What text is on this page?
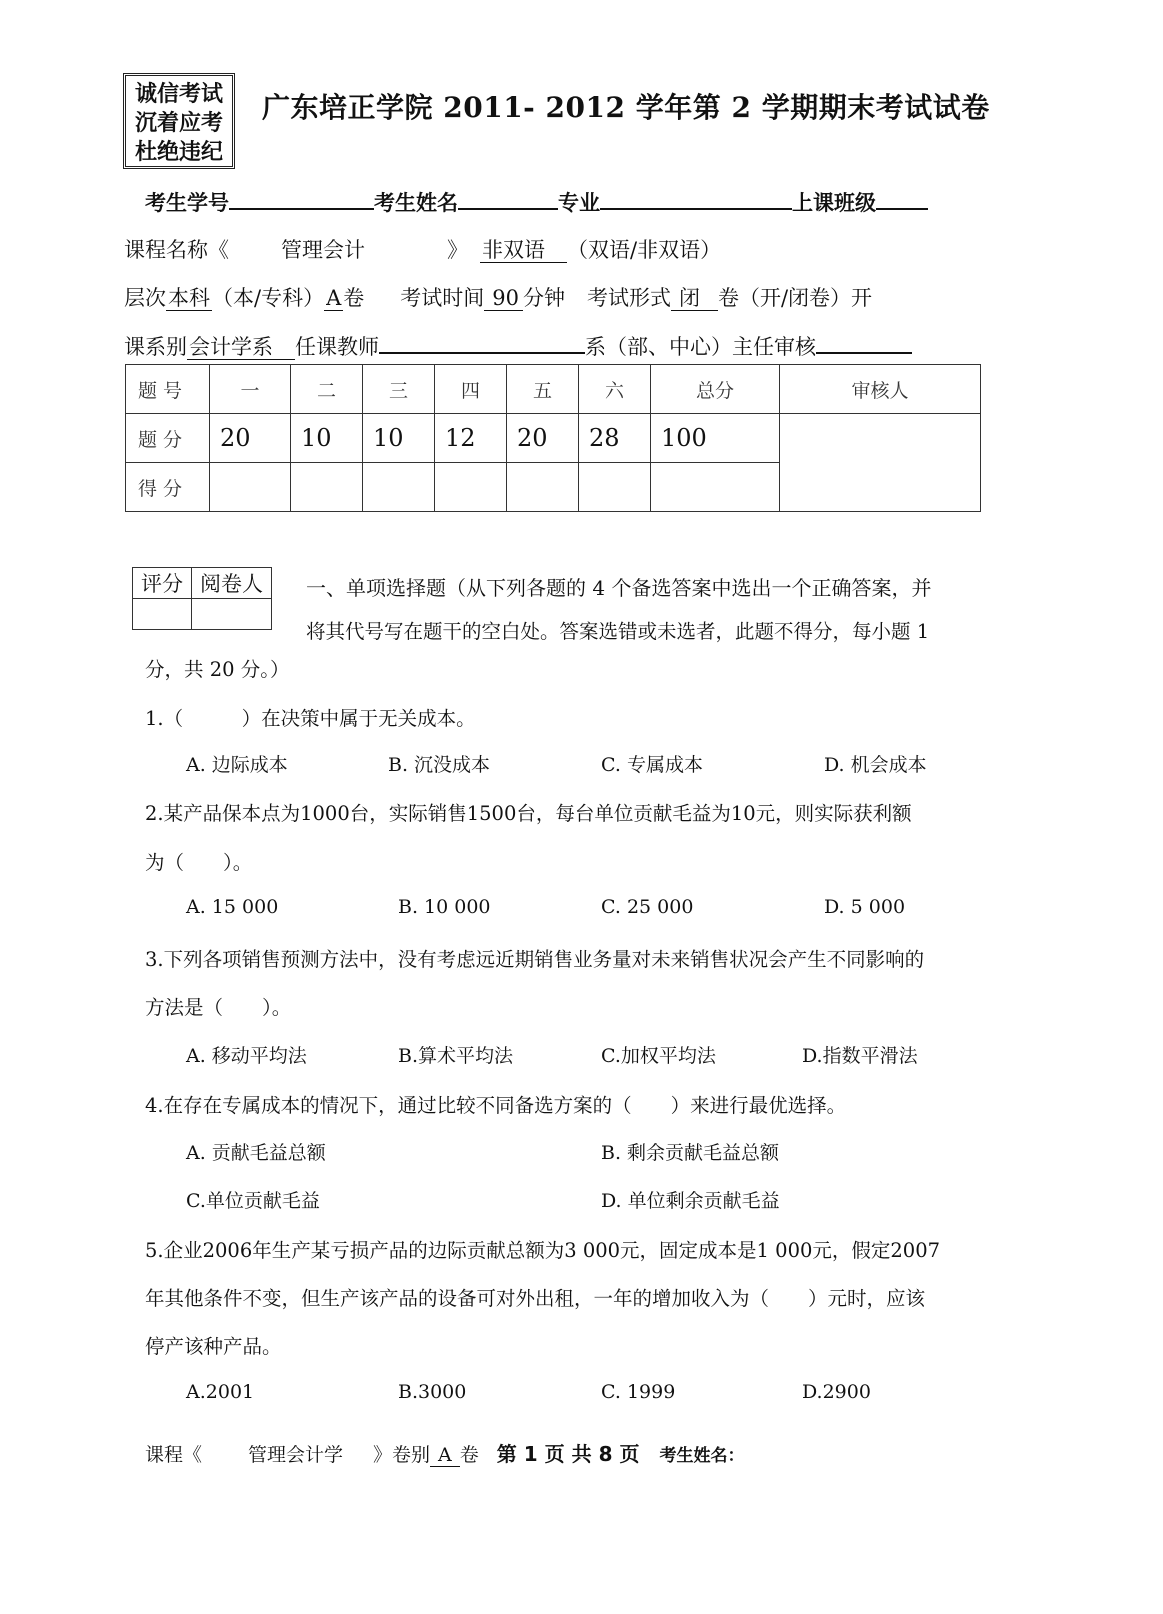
诚信考试
沉着应考
杜绝违纪
广东培正学院 2011- 2012 学年第 2 学期期末考试试卷
考生学号	考生姓名	专业	上课班级
课程名称《 管理会计	》 非双语 （双语/非双语）
层次本科（本/专科）A卷 考试时间 90 分钟 考试形式 闭 卷（开/闭卷）开
课系别会计学系 任课教师	系（部、中心）主任审核
题 号	一	二	三	四	五	六	总分	审核人
题 分	20	10	10	12	20	28	100	
得 分								
评分	阅卷人
	一、单项选择题（从下列各题的 4 个备选答案中选出一个正确答案，并
将其代号写在题干的空白处。答案选错或未选者，此题不得分，每小题 1
分，共 20 分。）
1.（　　　）在决策中属于无关成本。
A. 边际成本	B. 沉没成本	C. 专属成本	D. 机会成本
2.某产品保本点为1000台，实际销售1500台，每台单位贡献毛益为10元，则实际获利额
为（　　）。
A. 15 000	B. 10 000	C. 25 000	D. 5 000
3.下列各项销售预测方法中，没有考虑远近期销售业务量对未来销售状况会产生不同影响的
方法是（　　）。
A. 移动平均法	B.算术平均法	C.加权平均法	D.指数平滑法
4.在存在专属成本的情况下，通过比较不同备选方案的（　　）来进行最优选择。
A. 贡献毛益总额	B. 剩余贡献毛益总额
C.单位贡献毛益	D. 单位剩余贡献毛益
5.企业2006年生产某亏损产品的边际贡献总额为3 000元，固定成本是1 000元，假定2007
年其他条件不变，但生产该产品的设备可对外出租，一年的增加收入为（　　）元时，应该
停产该种产品。
A.2001	B.3000	C. 1999	D.2900
课程《 管理会计学 》卷别 A 卷 第 1 页 共 8 页 考生姓名：
